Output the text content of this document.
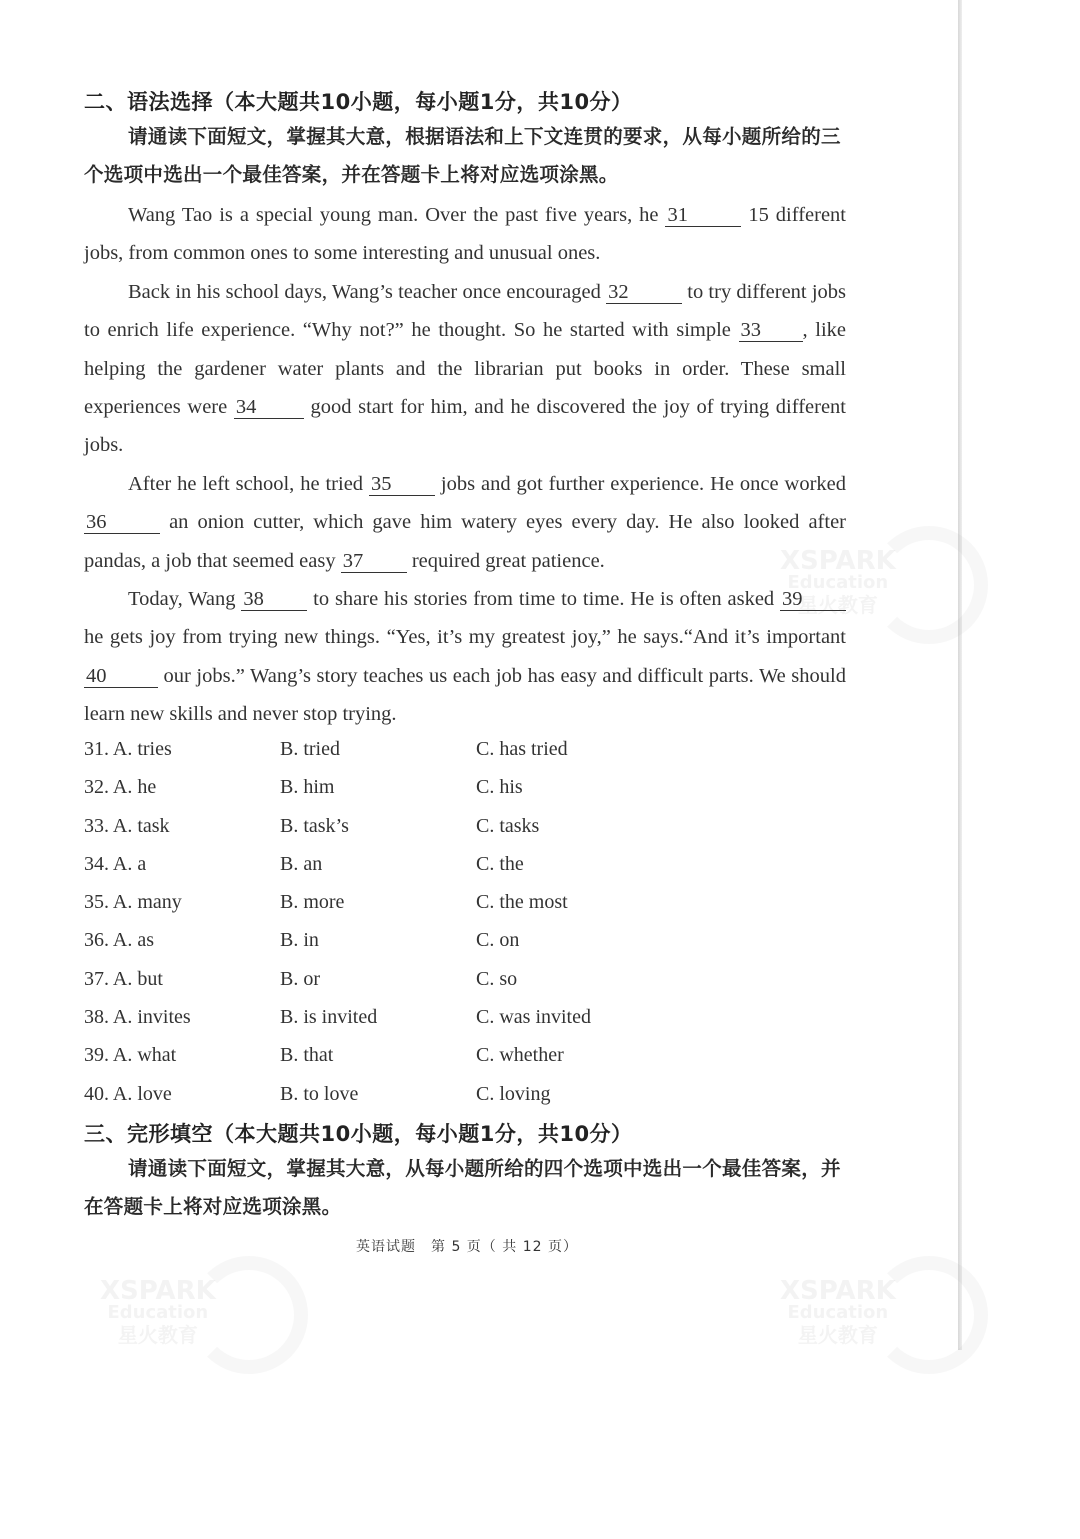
XSPARK
Education
星火教育
XSPARK
Education
星火教育
XSPARK
Education
星火教育
二、语法选择（本大题共10小题，每小题1分，共10分）
请通读下面短文，掌握其大意，根据语法和上下文连贯的要求，从每小题所给的三个选项中选出一个最佳答案，并在答题卡上将对应选项涂黑。

Wang Tao is a special young man. Over the past five years, he 31	15 different jobs, from common ones to some interesting and unusual ones.

Back in his school days, Wang’s teacher once encouraged 32	to try different jobs to enrich life experience. “Why not?” he thought. So he started with simple 33 , like helping the gardener water plants and the librarian put books in order. These small experiences were 34 good start for him, and he discovered the joy of trying different jobs.

After he left school, he tried 35 jobs and got further experience. He once worked 36	an onion cutter, which gave him watery eyes every day. He also looked after pandas, a job that seemed easy 37 required great patience.

Today, Wang 38 to share his stories from time to time. He is often asked 39 he gets joy from trying new things. “Yes, it’s my greatest joy,” he says.“And it’s important 40	our jobs.” Wang’s story teaches us each job has easy and difficult parts. We should learn new skills and never stop trying.

31. A. tries	B. tried	C. has tried
32. A. he	B. him	C. his
33. A. task	B. task’s	C. tasks
34. A. a	B. an	C. the
35. A. many	B. more	C. the most
36. A. as	B. in	C. on
37. A. but	B. or	C. so
38. A. invites	B. is invited	C. was invited
39. A. what	B. that	C. whether
40. A. love	B. to love	C. loving
三、完形填空（本大题共10小题，每小题1分，共10分）
请通读下面短文，掌握其大意，从每小题所给的四个选项中选出一个最佳答案，并在答题卡上将对应选项涂黑。
英语试题　第 5 页（ 共 12 页）
